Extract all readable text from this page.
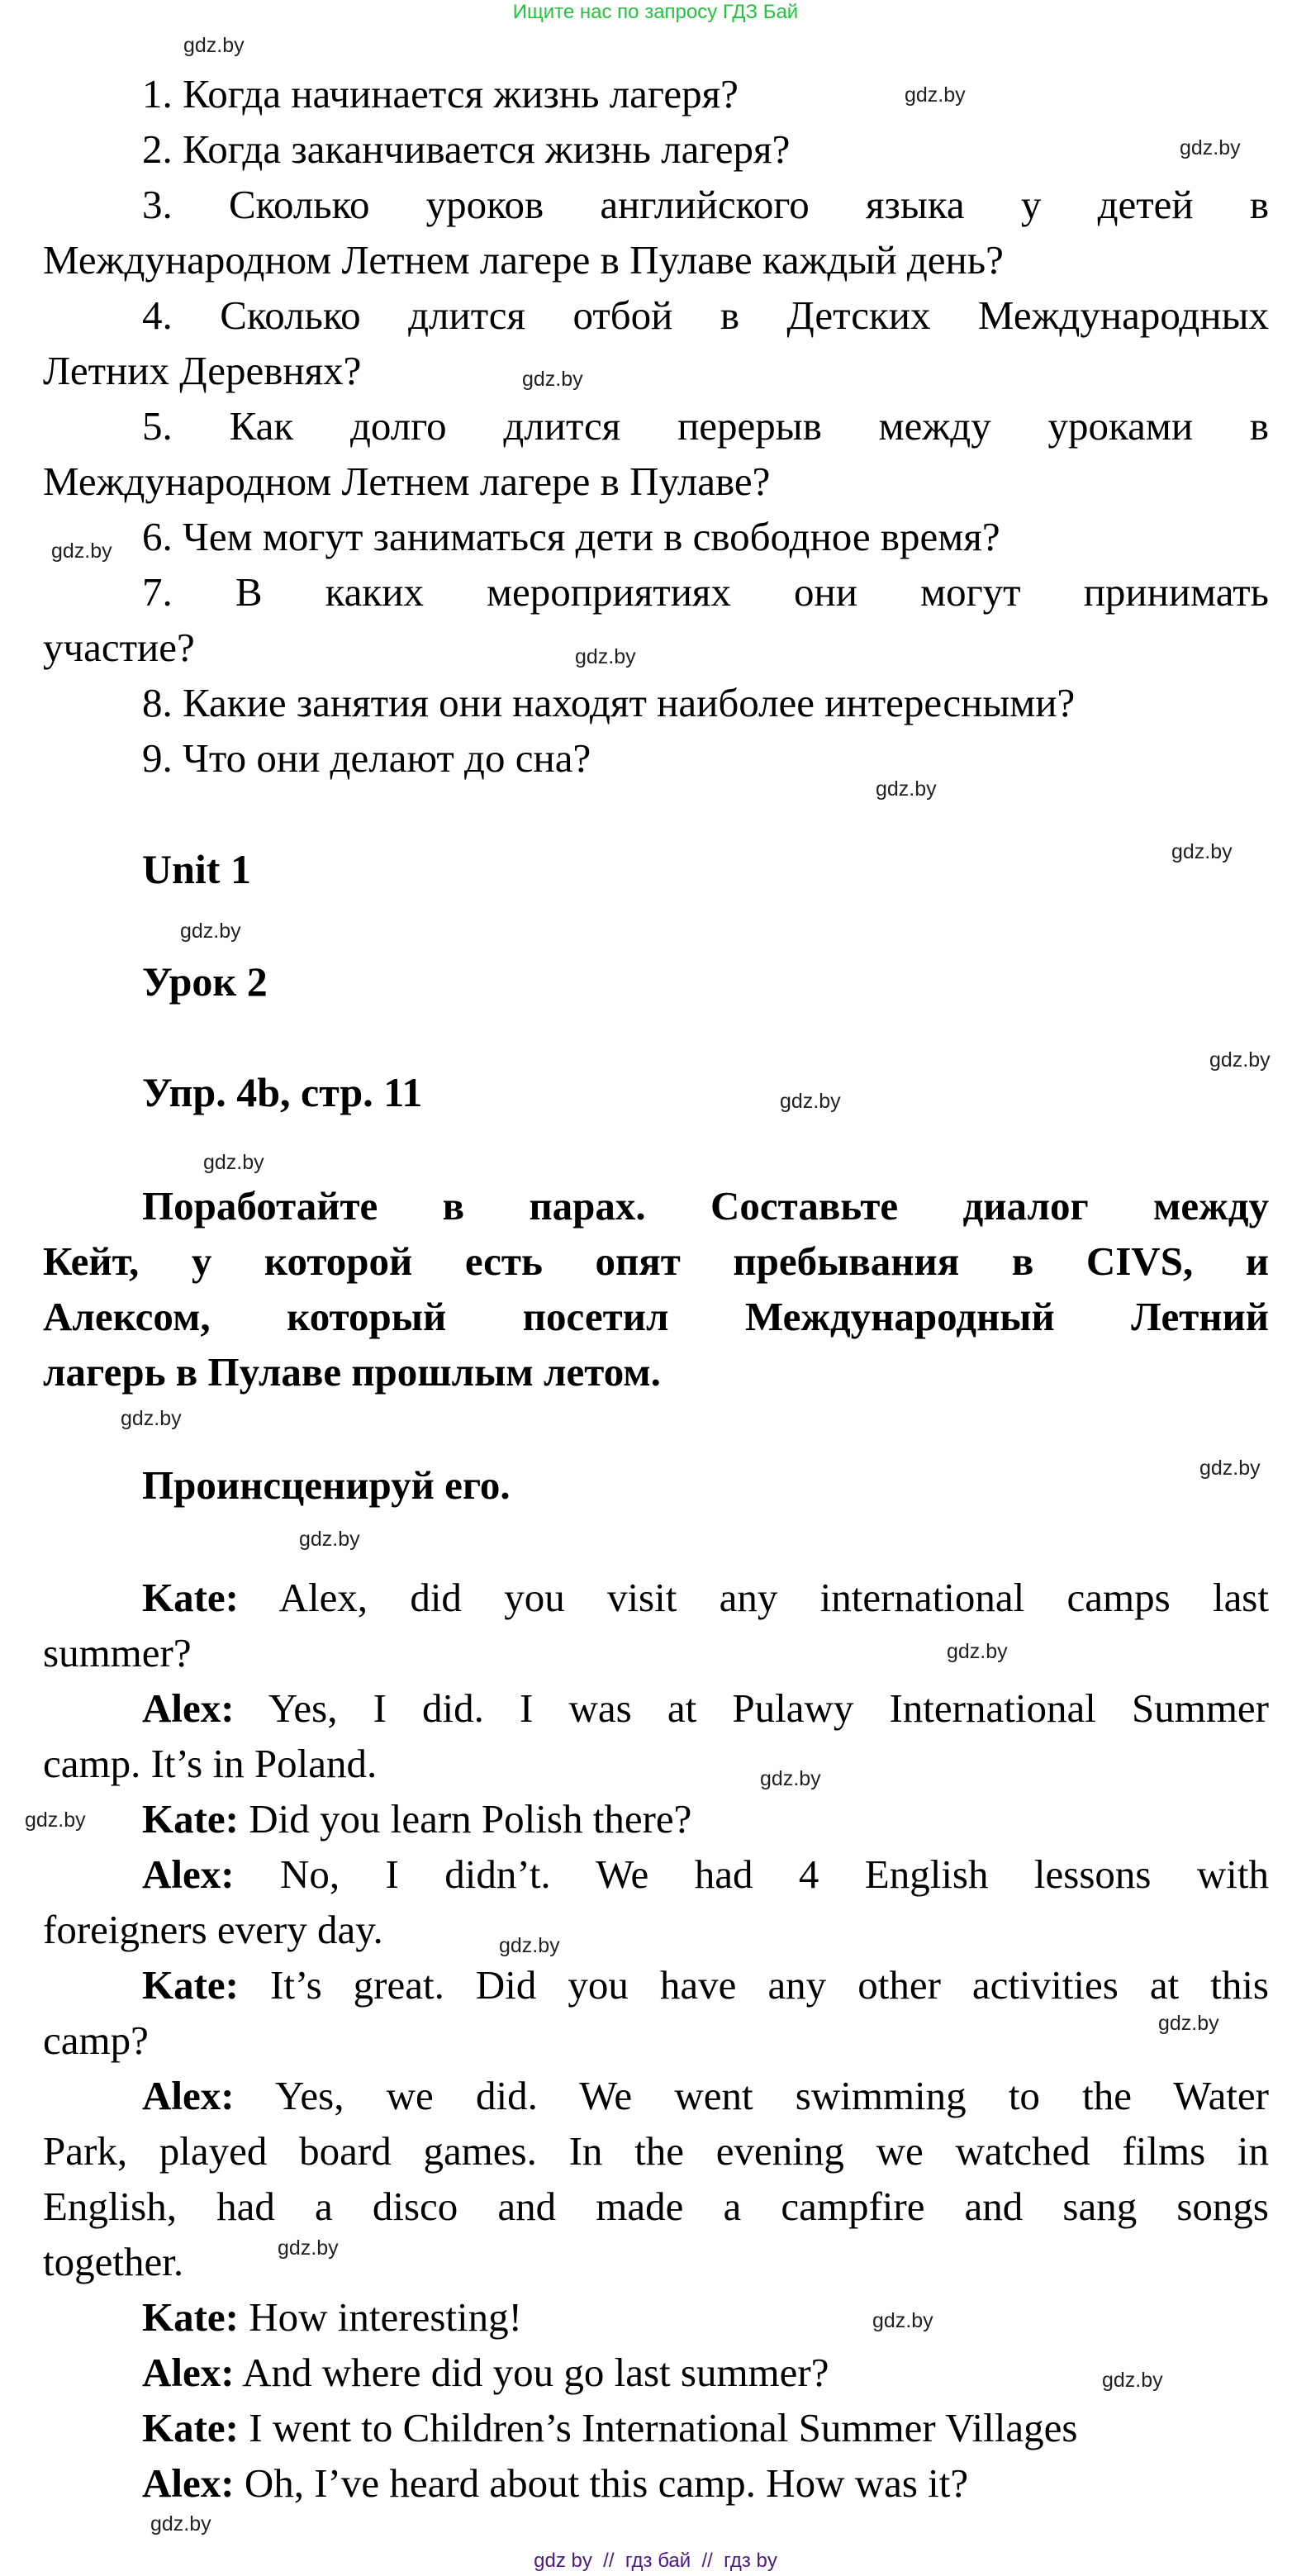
Ищите нас по запросу ГДЗ Бай
gdz.by
gdz.by
gdz.by
gdz.by
gdz.by
gdz.by
gdz.by
gdz.by
gdz.by
gdz.by
gdz.by
gdz.by
gdz.by
gdz.by
gdz.by
gdz.by
gdz.by
gdz.by
gdz.by
gdz.by
gdz.by
gdz.by
gdz.by
gdz.by
1. Когда начинается жизнь лагеря?
2. Когда заканчивается жизнь лагеря?
3. Сколько уроков английского языка у детей в
Международном Летнем лагере в Пулаве каждый день?
4. Сколько длится отбой в Детских Международных
Летних Деревнях?
5. Как долго длится перерыв между уроками в
Международном Летнем лагере в Пулаве?
6. Чем могут заниматься дети в свободное время?
7. В каких мероприятиях они могут принимать
участие?
8. Какие занятия они находят наиболее интересными?
9. Что они делают до сна?
Unit 1
Урок 2
Упр. 4b, стр. 11
Поработайте в парах. Составьте диалог между
Кейт, у которой есть опят пребывания в CIVS, и
Алексом, который посетил Международный Летний
лагерь в Пулаве прошлым летом.
Проинсценируй его.
Kate: Alex, did you visit any international camps last
summer?
Alex: Yes, I did. I was at Pulawy International Summer
camp. It’s in Poland.
Kate: Did you learn Polish there?
Alex: No, I didn’t. We had 4 English lessons with
foreigners every day.
Kate: It’s great. Did you have any other activities at this
camp?
Alex: Yes, we did. We went swimming to the Water
Park, played board games. In the evening we watched films in
English, had a disco and made a campfire and sang songs
together.
Kate: How interesting!
Alex: And where did you go last summer?
Kate: I went to Children’s International Summer Villages
Alex: Oh, I’ve heard about this camp. How was it?
gdz by  //  гдз бай  //  гдз by
